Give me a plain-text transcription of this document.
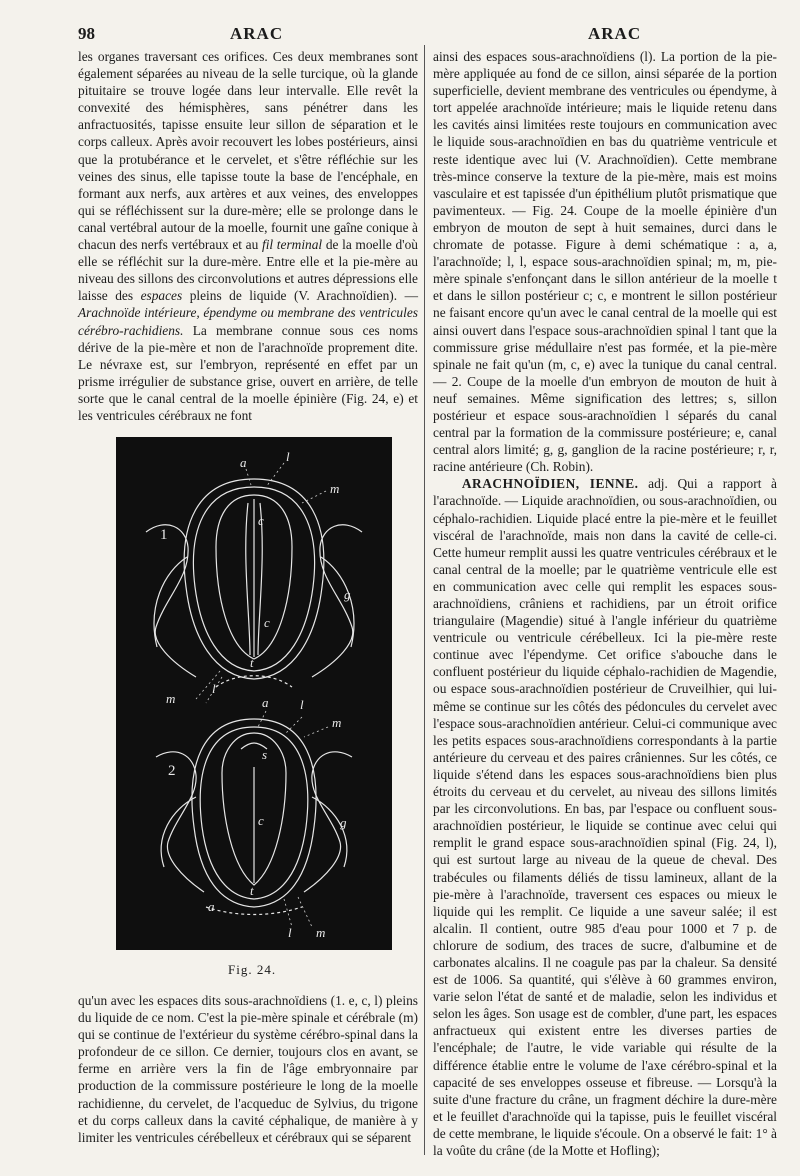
98	ARAC	ARAC

les organes traversant ces orifices. Ces deux membranes sont également séparées au niveau de la selle turcique, où la glande pituitaire se trouve logée dans leur intervalle. Elle revêt la convexité des hémisphères, sans pénétrer dans les anfractuosités, tapisse ensuite leur sillon de séparation et le corps calleux. Après avoir recouvert les lobes postérieurs, ainsi que la protubérance et le cervelet, et s'être réfléchie sur les veines des sinus, elle tapisse toute la base de l'encéphale, en formant aux nerfs, aux artères et aux veines, des enveloppes qui se réfléchissent sur la dure-mère; elle se prolonge dans le canal vertébral autour de la moelle, fournit une gaîne conique à chacun des nerfs vertébraux et au fil terminal de la moelle d'où elle se réfléchit sur la dure-mère. Entre elle et la pie-mère au niveau des sillons des circonvolutions et autres dépressions elle laisse des espaces pleins de liquide (V. Arachnoïdien). — Arachnoïde intérieure, épendyme ou membrane des ventricules cérébro-rachidiens. La membrane connue sous ces noms dérive de la pie-mère et non de l'arachnoïde proprement dite. Le névraxe est, sur l'embryon, représenté en effet par un prisme irrégulier de substance grise, ouvert en arrière, de telle sorte que le canal central de la moelle épinière (Fig. 24, e) et les ventricules cérébraux ne font

a	l
m
c
c
g
t
l
m
1
2
a l
m
s
c	g
t
a
l m
Fig. 24.

qu'un avec les espaces dits sous-arachnoïdiens (1. e, c, l) pleins du liquide de ce nom. C'est la pie-mère spinale et cérébrale (m) qui se continue de l'extérieur du système cérébro-spinal dans la profondeur de ce sillon. Ce dernier, toujours clos en avant, se ferme en arrière vers la fin de l'âge embryonnaire par production de la commissure postérieure le long de la moelle rachidienne, du cervelet, de l'acqueduc de Sylvius, du trigone et du corps calleux dans la cavité céphalique, de manière à y limiter les ventricules cérébelleux et cérébraux qui se séparent

ainsi des espaces sous-arachnoïdiens (l). La portion de la pie-mère appliquée au fond de ce sillon, ainsi séparée de la portion superficielle, devient membrane des ventricules ou épendyme, à tort appelée arachnoïde intérieure; mais le liquide retenu dans les cavités ainsi limitées reste toujours en communication avec le liquide sous-arachnoïdien en bas du quatrième ventricule et reste identique avec lui (V. Arachnoïdien). Cette membrane très-mince conserve la texture de la pie-mère, mais est moins vasculaire et est tapissée d'un épithélium plutôt prismatique que pavimenteux. — Fig. 24. Coupe de la moelle épinière d'un embryon de mouton de sept à huit semaines, durci dans le chromate de potasse. Figure à demi schématique : a, a, l'arachnoïde; l, l, espace sous-arachnoïdien spinal; m, m, pie-mère spinale s'enfonçant dans le sillon antérieur de la moelle t et dans le sillon postérieur c; c, e montrent le sillon postérieur ne faisant encore qu'un avec le canal central de la moelle qui est ainsi ouvert dans l'espace sous-arachnoïdien spinal l tant que la commissure grise médullaire n'est pas formée, et la pie-mère spinale ne fait qu'un (m, c, e) avec la tunique du canal central. — 2. Coupe de la moelle d'un embryon de mouton de huit à neuf semaines. Même signification des lettres; s, sillon postérieur et espace sous-arachnoïdien l séparés du canal central par la formation de la commissure postérieure; e, canal central alors limité; g, g, ganglion de la racine postérieure; r, r, racine antérieure (Ch. Robin).

ARACHNOÏDIEN, IENNE. adj. Qui a rapport à l'arachnoïde. — Liquide arachnoïdien, ou sous-arachnoïdien, ou céphalo-rachidien. Liquide placé entre la pie-mère et le feuillet viscéral de l'arachnoïde, mais non dans la cavité de celle-ci. Cette humeur remplit aussi les quatre ventricules cérébraux et le canal central de la moelle; par le quatrième ventricule elle est en communication avec celle qui remplit les espaces sous-arachnoïdiens, crâniens et rachidiens, par un étroit orifice triangulaire (Magendie) situé à l'angle inférieur du quatrième ventricule ou ventricule cérébelleux. Ici la pie-mère reste continue avec l'épendyme. Cet orifice s'abouche dans le confluent postérieur du liquide céphalo-rachidien de Magendie, ou espace sous-arachnoïdien postérieur de Cruveilhier, qui lui-même se continue sur les côtés des pédoncules du cervelet avec l'espace sous-arachnoïdien antérieur. Celui-ci communique avec les petits espaces sous-arachnoïdiens correspondants à la partie antérieure du cerveau et des paires crâniennes. Sur les côtés, ce liquide s'étend dans les espaces sous-arachnoïdiens bien plus étroits du cerveau et du cervelet, au niveau des sillons limités par les circonvolutions. En bas, par l'espace ou confluent sous-arachnoïdien postérieur, le liquide se continue avec celui qui remplit le grand espace sous-arachnoïdien spinal (Fig. 24, l), qui est surtout large au niveau de la queue de cheval. Des trabécules ou filaments déliés de tissu lamineux, allant de la pie-mère à l'arachnoïde, traversent ces espaces ou mieux le liquide qui les remplit. Ce liquide a une saveur salée; il est alcalin. Il contient, outre 985 d'eau pour 1000 et 7 p. de chlorure de sodium, des traces de sucre, d'albumine et de carbonates alcalins. Il ne coagule pas par la chaleur. Sa densité est de 1006. Sa quantité, qui s'élève à 60 grammes environ, varie selon l'état de santé et de maladie, selon les individus et selon les âges. Son usage est de combler, d'une part, les espaces anfractueux qui existent entre les diverses parties de l'encéphale; de l'autre, le vide variable qui résulte de la différence établie entre le volume de l'axe cérébro-spinal et la capacité de ses enveloppes osseuse et fibreuse. — Lorsqu'à la suite d'une fracture du crâne, un fragment déchire la dure-mère et le feuillet d'arachnoïde qui la tapisse, puis le feuillet viscéral de cette membrane, le liquide s'écoule. On a observé le fait: 1° à la voûte du crâne (de la Motte et Hofling);
